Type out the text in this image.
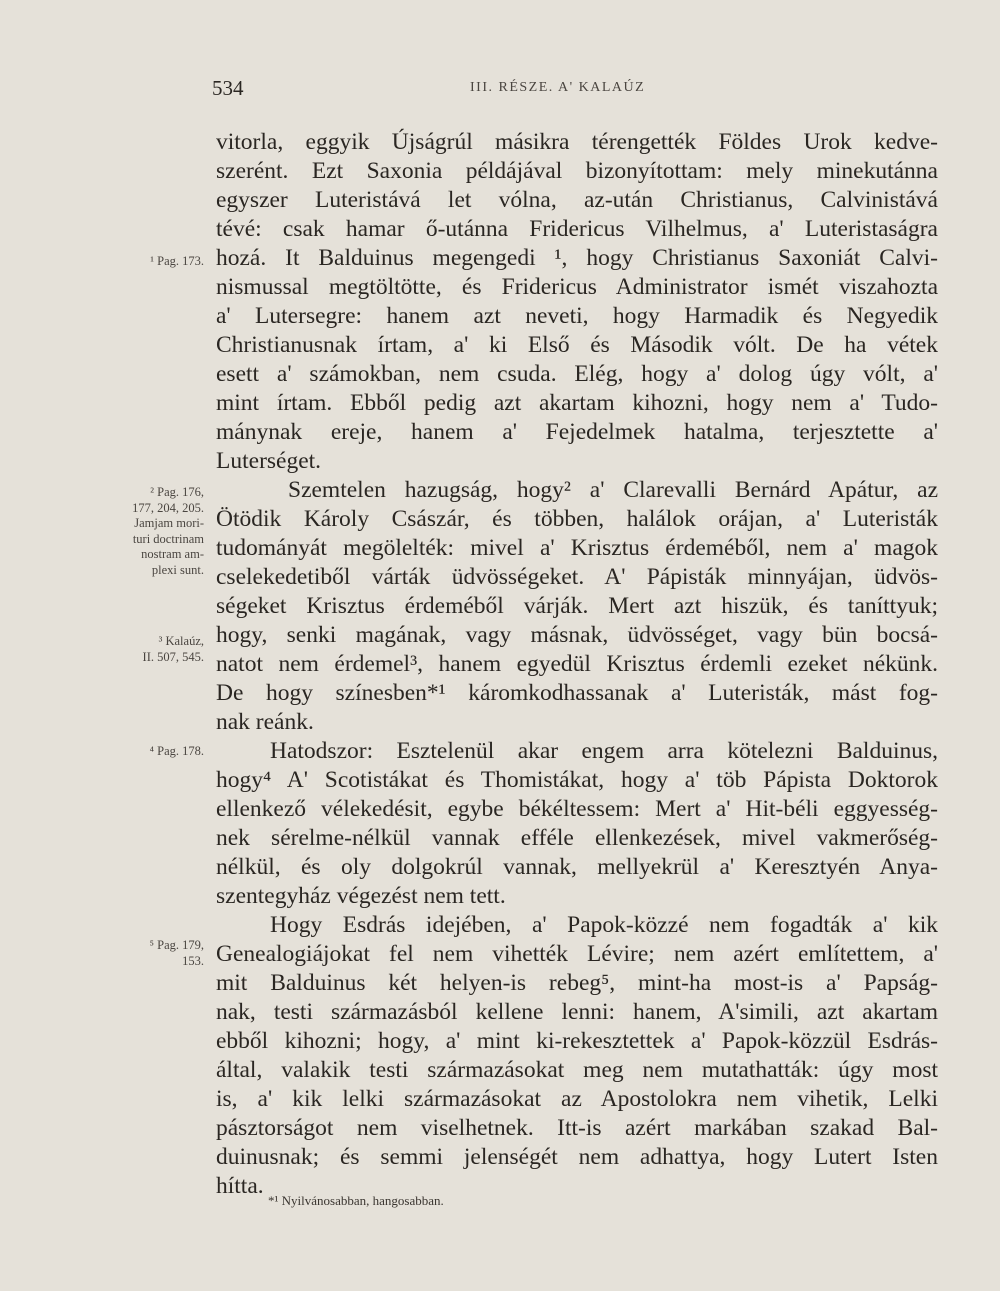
534	III. RÉSZE. A' KALAÚZ
vitorla, eggyik Újságrúl másikra térengették Földes Urok kedve-
szerént. Ezt Saxonia példájával bizonyítottam: mely minekutánna
egyszer Luteristává let vólna, az-után Christianus, Calvinistává
tévé: csak hamar ő-utánna Fridericus Vilhelmus, a' Luteristaságra
hozá. It Balduinus megengedi ¹, hogy Christianus Saxoniát Calvi-
nismussal megtöltötte, és Fridericus Administrator ismét viszahozta
a' Lutersegre: hanem azt neveti, hogy Harmadik és Negyedik
Christianusnak írtam, a' ki Első és Második vólt. De ha vétek
esett a' számokban, nem csuda. Elég, hogy a' dolog úgy vólt, a'
mint írtam. Ebből pedig azt akartam kihozni, hogy nem a' Tudo-
mánynak ereje, hanem a' Fejedelmek hatalma, terjesztette a'
Luterséget.
Szemtelen hazugság, hogy² a' Clarevalli Bernárd Apátur, az
Ötödik Károly Császár, és többen, halálok orájan, a' Luteristák
tudományát megölelték: mivel a' Krisztus érdeméből, nem a' magok
cselekedetiből várták üdvösségeket. A' Pápisták minnyájan, üdvös-
ségeket Krisztus érdeméből várják. Mert azt hiszük, és taníttyuk;
hogy, senki magának, vagy másnak, üdvösséget, vagy bün bocsá-
natot nem érdemel³, hanem egyedül Krisztus érdemli ezeket nékünk.
De hogy színesben*¹ káromkodhassanak a' Luteristák, mást fog-
nak reánk.
Hatodszor: Esztelenül akar engem arra kötelezni Balduinus,
hogy⁴ A' Scotistákat és Thomistákat, hogy a' töb Pápista Doktorok
ellenkező vélekedésit, egybe békéltessem: Mert a' Hit-béli eggyesség-
nek sérelme-nélkül vannak efféle ellenkezések, mivel vakmerőség-
nélkül, és oly dolgokrúl vannak, mellyekrül a' Keresztyén Anya-
szentegyház végezést nem tett.
Hogy Esdrás idejében, a' Papok-közzé nem fogadták a' kik
Genealogiájokat fel nem vihették Lévire; nem azért említettem, a'
mit Balduinus két helyen-is rebeg⁵, mint-ha most-is a' Papság-
nak, testi származásból kellene lenni: hanem, A'simili, azt akartam
ebből kihozni; hogy, a' mint ki-rekesztettek a' Papok-közzül Esdrás-
által, valakik testi származásokat meg nem mutathatták: úgy most
is, a' kik lelki származásokat az Apostolokra nem vihetik, Lelki
pásztorságot nem viselhetnek. Itt-is azért markában szakad Bal-
duinusnak; és semmi jelenségét nem adhattya, hogy Lutert Isten
hítta.
¹ Pag. 173.
² Pag. 176,
177, 204, 205.
Jamjam mori-
turi doctrinam
nostram am-
plexi sunt.
³ Kalaúz,
II. 507, 545.
⁴ Pag. 178.
⁵ Pag. 179,
153.
*¹ Nyilvánosabban, hangosabban.
